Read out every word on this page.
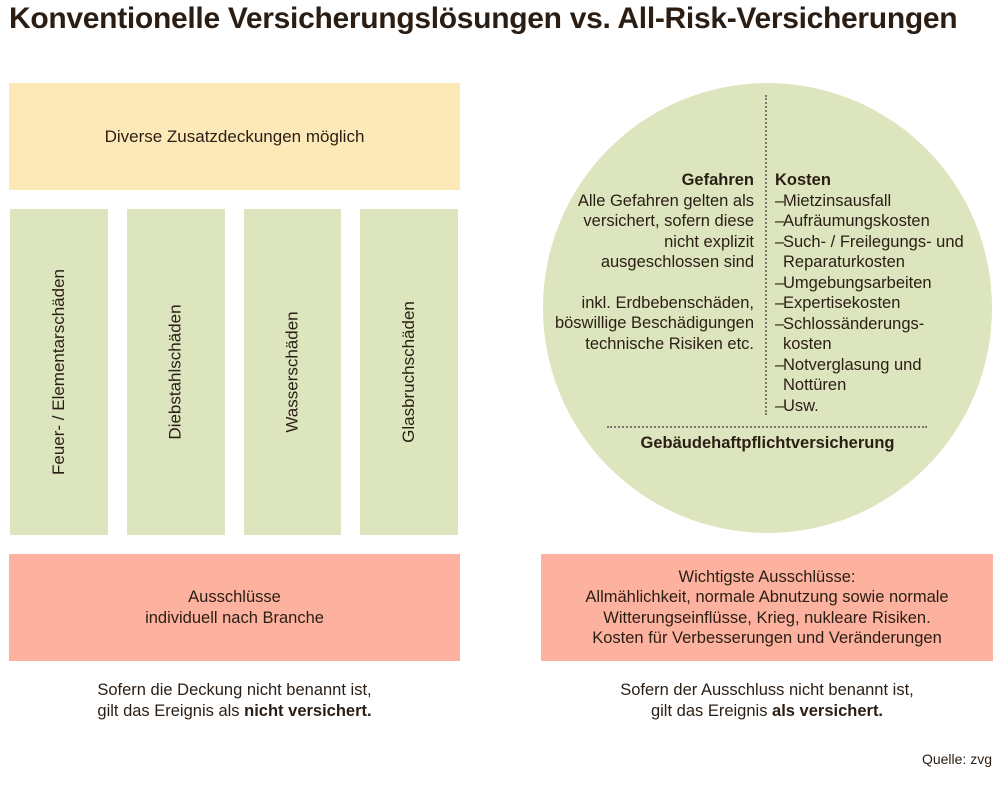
Konventionelle Versicherungslösungen vs. All-Risk-Versicherungen
Diverse Zusatzdeckungen möglich
Feuer- / Elementarschäden	Diebstahlschäden	Wasserschäden	Glasbruchschäden
Ausschlüsse
individuell nach Branche
Sofern die Deckung nicht benannt ist,
gilt das Ereignis als nicht versichert.
Gefahren
Alle Gefahren gelten als
versichert, sofern diese
nicht explizit
ausgeschlossen sind
inkl. Erdbebenschäden,
böswillige Beschädigungen
technische Risiken etc.
Kosten
– Mietzinsausfall
– Aufräumungskosten
– Such- / Freilegungs- und Reparaturkosten
– Umgebungsarbeiten
– Expertisekosten
– Schlossänderungs- kosten
– Notverglasung und Nottüren
– Usw.
Gebäudehaftpflichtversicherung
Wichtigste Ausschlüsse:
Allmählichkeit, normale Abnutzung sowie normale
Witterungseinflüsse, Krieg, nukleare Risiken.
Kosten für Verbesserungen und Veränderungen
Sofern der Ausschluss nicht benannt ist,
gilt das Ereignis als versichert.
Quelle: zvg
